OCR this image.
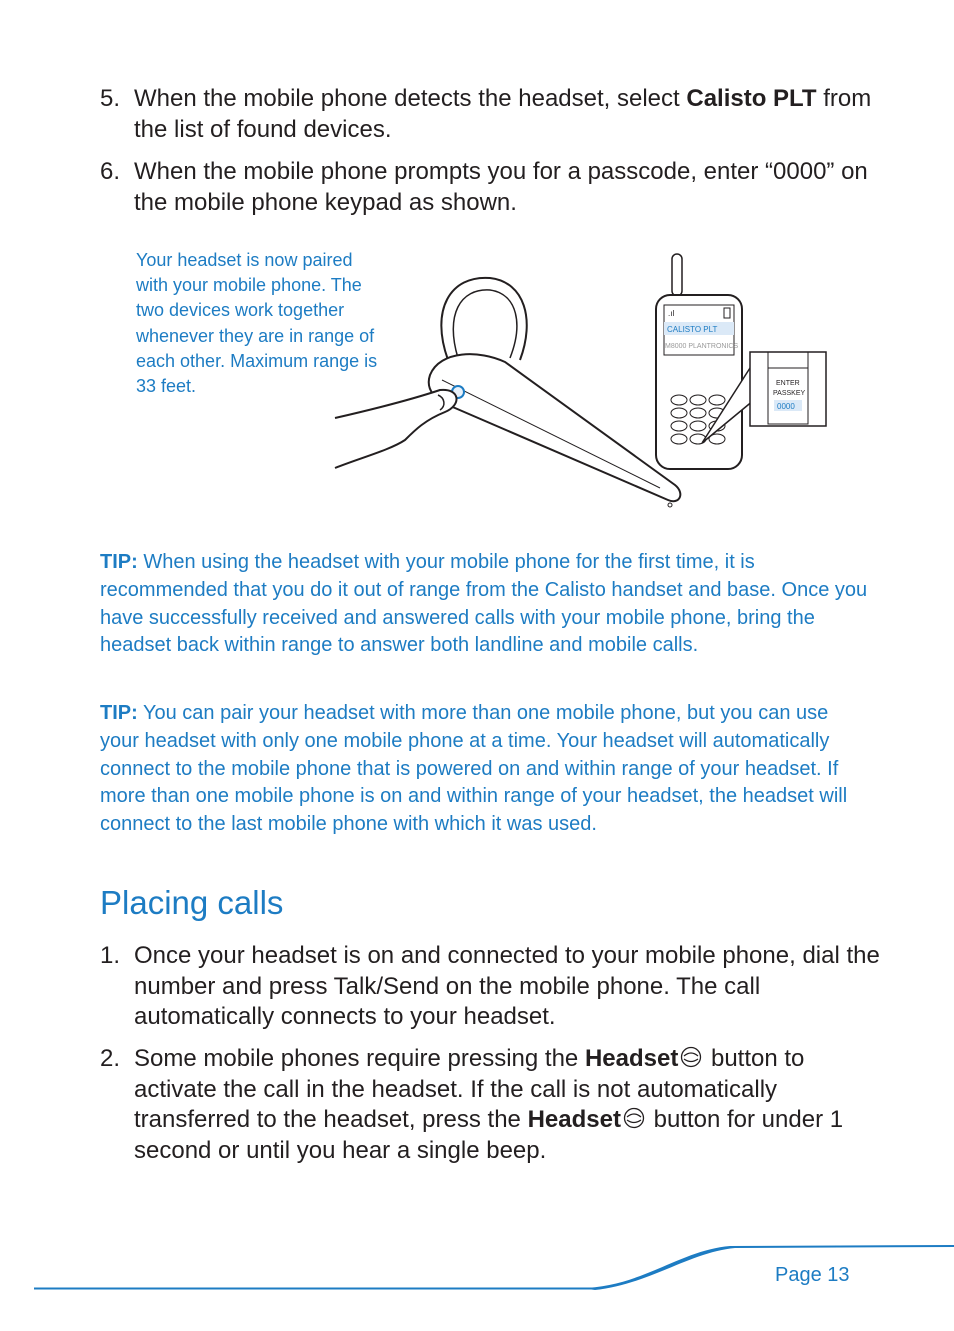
5. When the mobile phone detects the headset, select Calisto PLT from the list of found devices.
6. When the mobile phone prompts you for a passcode, enter “0000” on the mobile phone keypad as shown.
Your headset is now paired with your mobile phone. The two devices work together whenever they are in range of each other. Maximum range is 33 feet.
.ıl
CALISTO PLT
M8000 PLANTRONICS
ENTER
PASSKEY
0000
TIP: When using the headset with your mobile phone for the first time, it is recommended that you do it out of range from the Calisto handset and base. Once you have successfully received and answered calls with your mobile phone, bring the headset back within range to answer both landline and mobile calls.
TIP: You can pair your headset with more than one mobile phone, but you can use your headset with only one mobile phone at a time. Your headset will automatically connect to the mobile phone that is powered on and within range of your headset. If more than one mobile phone is on and within range of your headset, the headset will connect to the last mobile phone with which it was used.
Placing calls
1. Once your headset is on and connected to your mobile phone, dial the number and press Talk/Send on the mobile phone. The call automatically connects to your headset.
2. Some mobile phones require pressing the Headset button to activate the call in the headset. If the call is not automatically transferred to the headset, press the Headset button for under 1 second or until you hear a single beep.
Page 13
